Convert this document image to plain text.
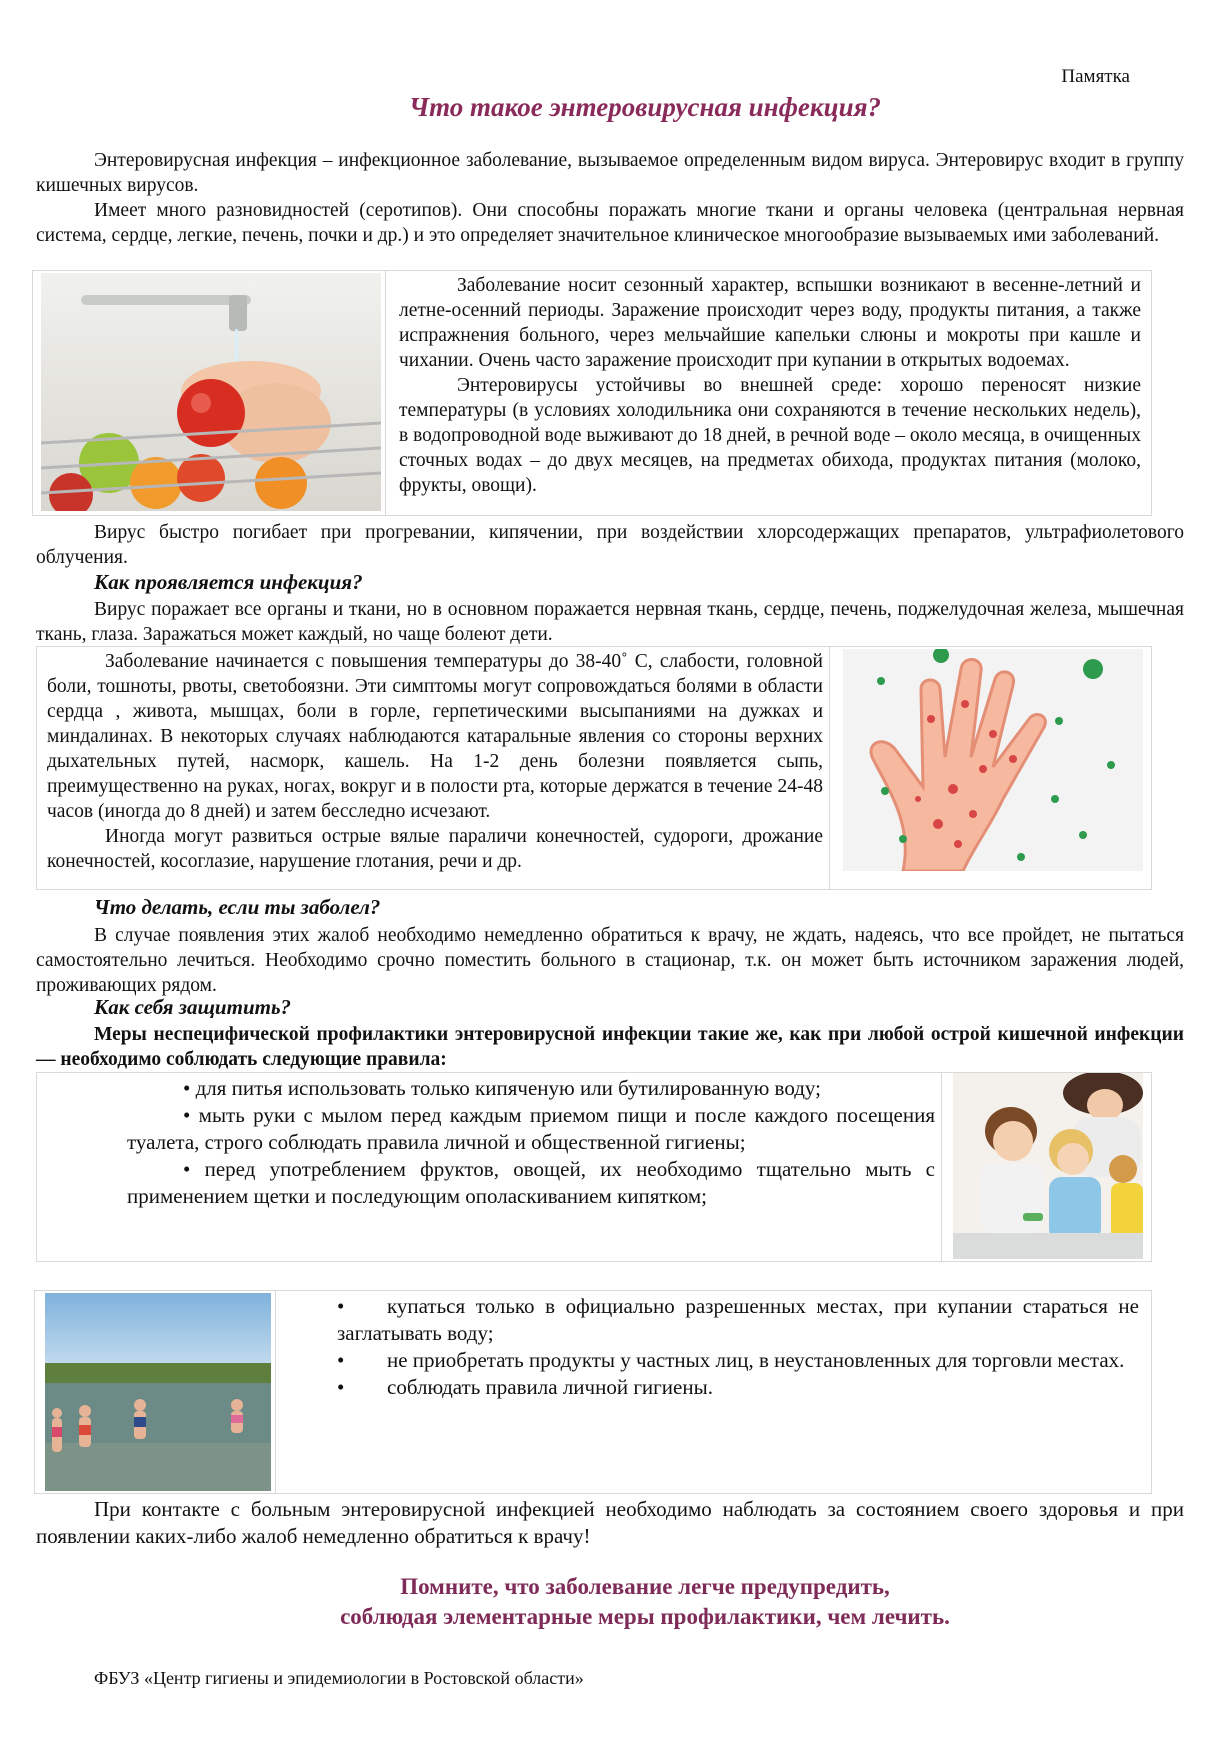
Памятка
Что такое энтеровирусная инфекция?

Энтеровирусная инфекция – инфекционное заболевание, вызываемое определенным видом вируса. Энтеровирус входит в группу кишечных вирусов.

Имеет много разновидностей (серотипов). Они способны поражать многие ткани и органы человека (центральная нервная система, сердце, легкие, печень, почки и др.) и это определяет значительное клиническое многообразие вызываемых ими заболеваний.

Заболевание носит сезонный характер, вспышки возникают в весенне-летний и летне-осенний периоды. Заражение происходит через воду, продукты питания, а также испражнения больного, через мельчайшие капельки слюны и мокроты при кашле и чихании. Очень часто заражение происходит при купании в открытых водоемах.

Энтеровирусы устойчивы во внешней среде: хорошо переносят низкие температуры (в условиях холодильника они сохраняются в течение нескольких недель), в водопроводной воде выживают до 18 дней, в речной воде – около месяца, в очищенных сточных водах – до двух месяцев, на предметах обихода, продуктах питания (молоко, фрукты, овощи).

Вирус быстро погибает при прогревании, кипячении, при воздействии хлорсодержащих препаратов, ультрафиолетового облучения.

Как проявляется инфекция?

Вирус поражает все органы и ткани, но в основном поражается нервная ткань, сердце, печень, поджелудочная железа, мышечная ткань, глаза. Заражаться может каждый, но чаще болеют дети.

Заболевание начинается с повышения температуры до 38-40˚ С, слабости, головной боли, тошноты, рвоты, светобоязни. Эти симптомы могут сопровождаться болями в области сердца , живота, мышцах, боли в горле, герпетическими высыпаниями на дужках и миндалинах. В некоторых случаях наблюдаются катаральные явления со стороны верхних дыхательных путей, насморк, кашель. На 1-2 день болезни появляется сыпь, преимущественно на руках, ногах, вокруг и в полости рта, которые держатся в течение 24-48 часов (иногда до 8 дней) и затем бесследно исчезают.

Иногда могут развиться острые вялые параличи конечностей, судороги, дрожание конечностей, косоглазие, нарушение глотания, речи и др.

Что делать, если ты заболел?

В случае появления этих жалоб необходимо немедленно обратиться к врачу, не ждать, надеясь, что все пройдет, не пытаться самостоятельно лечиться. Необходимо срочно поместить больного в стационар, т.к. он может быть источником заражения людей, проживающих рядом.

Как себя защитить?

Меры неспецифической профилактики энтеровирусной инфекции такие же, как при любой острой кишечной инфекции — необходимо соблюдать следующие правила:

• для питья использовать только кипяченую или бутилированную воду;

• мыть руки с мылом перед каждым приемом пищи и после каждого посещения туалета, строго соблюдать правила личной и общественной гигиены;

• перед употреблением фруктов, овощей, их необходимо тщательно мыть с применением щетки и последующим ополаскиванием кипятком;

• купаться только в официально разрешенных местах, при купании стараться не заглатывать воду;

• не приобретать продукты у частных лиц, в неустановленных для торговли местах.

• соблюдать правила личной гигиены.

При контакте с больным энтеровирусной инфекцией необходимо наблюдать за состоянием своего здоровья и при появлении каких-либо жалоб немедленно обратиться к врачу!

Помните, что заболевание легче предупредить,

соблюдая элементарные меры профилактики, чем лечить.

ФБУЗ «Центр гигиены и эпидемиологии в Ростовской области»
